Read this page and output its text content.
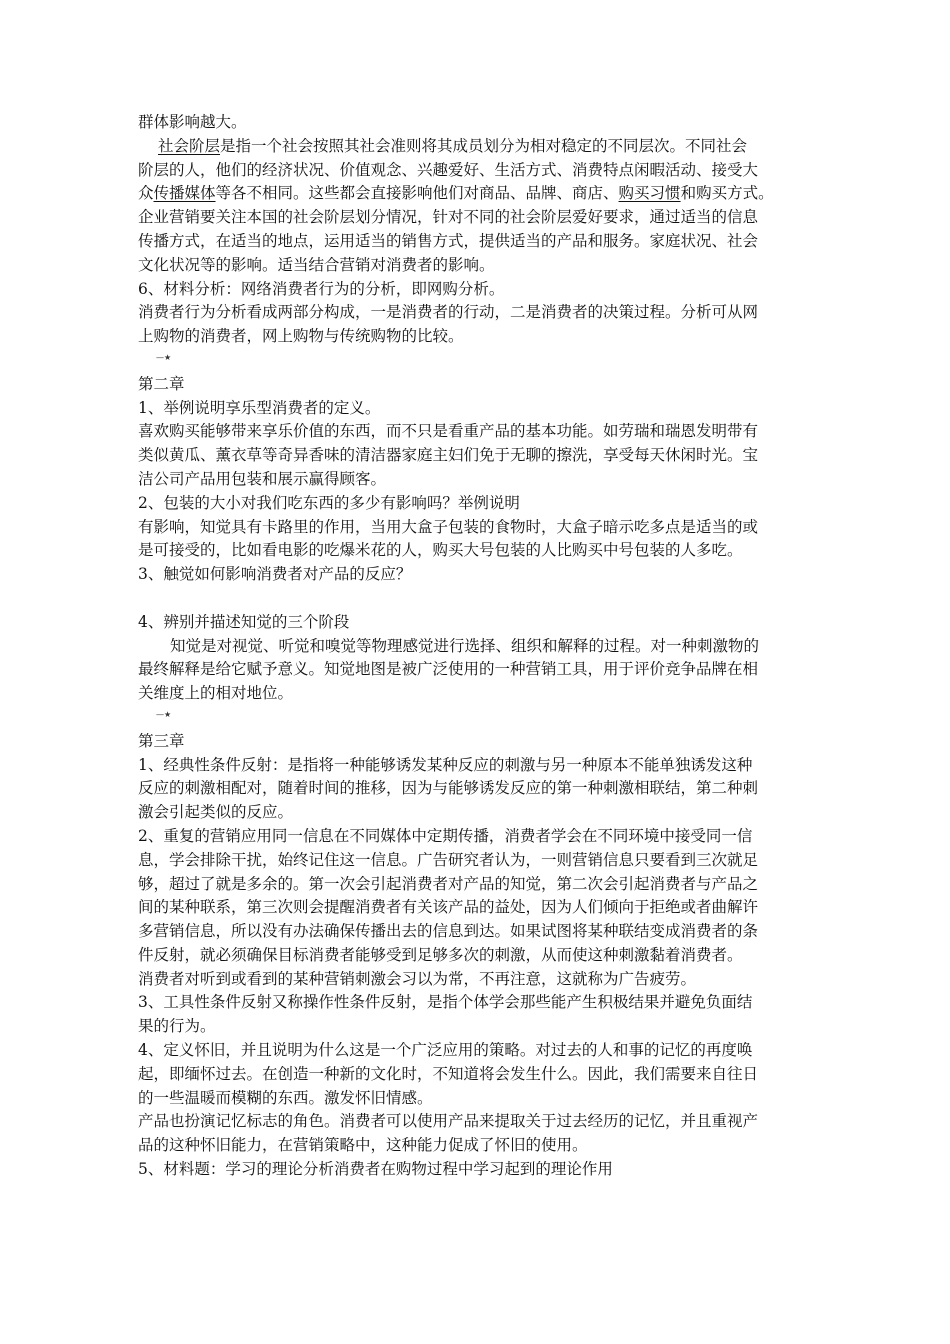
群体影响越大。
社会阶层是指一个社会按照其社会准则将其成员划分为相对稳定的不同层次。不同社会
阶层的人，他们的经济状况、价值观念、兴趣爱好、生活方式、消费特点闲暇活动、接受大
众传播媒体等各不相同。这些都会直接影响他们对商品、品牌、商店、购买习惯和购买方式。
企业营销要关注本国的社会阶层划分情况，针对不同的社会阶层爱好要求，通过适当的信息
传播方式，在适当的地点，运用适当的销售方式，提供适当的产品和服务。家庭状况、社会
文化状况等的影响。适当结合营销对消费者的影响。
6、材料分析：网络消费者行为的分析，即网购分析。
消费者行为分析看成两部分构成，一是消费者的行动，二是消费者的决策过程。分析可从网
上购物的消费者，网上购物与传统购物的比较。
—★
第二章
1、举例说明享乐型消费者的定义。
喜欢购买能够带来享乐价值的东西，而不只是看重产品的基本功能。如劳瑞和瑞恩发明带有
类似黄瓜、薰衣草等奇异香味的清洁器家庭主妇们免于无聊的擦洗，享受每天休闲时光。宝
洁公司产品用包装和展示赢得顾客。
2、包装的大小对我们吃东西的多少有影响吗？举例说明
有影响，知觉具有卡路里的作用，当用大盒子包装的食物时，大盒子暗示吃多点是适当的或
是可接受的，比如看电影的吃爆米花的人，购买大号包装的人比购买中号包装的人多吃。
3、触觉如何影响消费者对产品的反应？
4、辨别并描述知觉的三个阶段
知觉是对视觉、听觉和嗅觉等物理感觉进行选择、组织和解释的过程。对一种刺激物的
最终解释是给它赋予意义。知觉地图是被广泛使用的一种营销工具，用于评价竞争品牌在相
关维度上的相对地位。
—★
第三章
1、经典性条件反射：是指将一种能够诱发某种反应的刺激与另一种原本不能单独诱发这种
反应的刺激相配对，随着时间的推移，因为与能够诱发反应的第一种刺激相联结，第二种刺
激会引起类似的反应。
2、重复的营销应用同一信息在不同媒体中定期传播，消费者学会在不同环境中接受同一信
息，学会排除干扰，始终记住这一信息。广告研究者认为，一则营销信息只要看到三次就足
够，超过了就是多余的。第一次会引起消费者对产品的知觉，第二次会引起消费者与产品之
间的某种联系，第三次则会提醒消费者有关该产品的益处，因为人们倾向于拒绝或者曲解许
多营销信息，所以没有办法确保传播出去的信息到达。如果试图将某种联结变成消费者的条
件反射，就必须确保目标消费者能够受到足够多次的刺激，从而使这种刺激黏着消费者。
消费者对听到或看到的某种营销刺激会习以为常，不再注意，这就称为广告疲劳。
3、工具性条件反射又称操作性条件反射，是指个体学会那些能产生积极结果并避免负面结
果的行为。
4、定义怀旧，并且说明为什么这是一个广泛应用的策略。对过去的人和事的记忆的再度唤
起，即缅怀过去。在创造一种新的文化时，不知道将会发生什么。因此，我们需要来自往日
的一些温暖而模糊的东西。激发怀旧情感。
产品也扮演记忆标志的角色。消费者可以使用产品来提取关于过去经历的记忆，并且重视产
品的这种怀旧能力，在营销策略中，这种能力促成了怀旧的使用。
5、材料题：学习的理论分析消费者在购物过程中学习起到的理论作用
